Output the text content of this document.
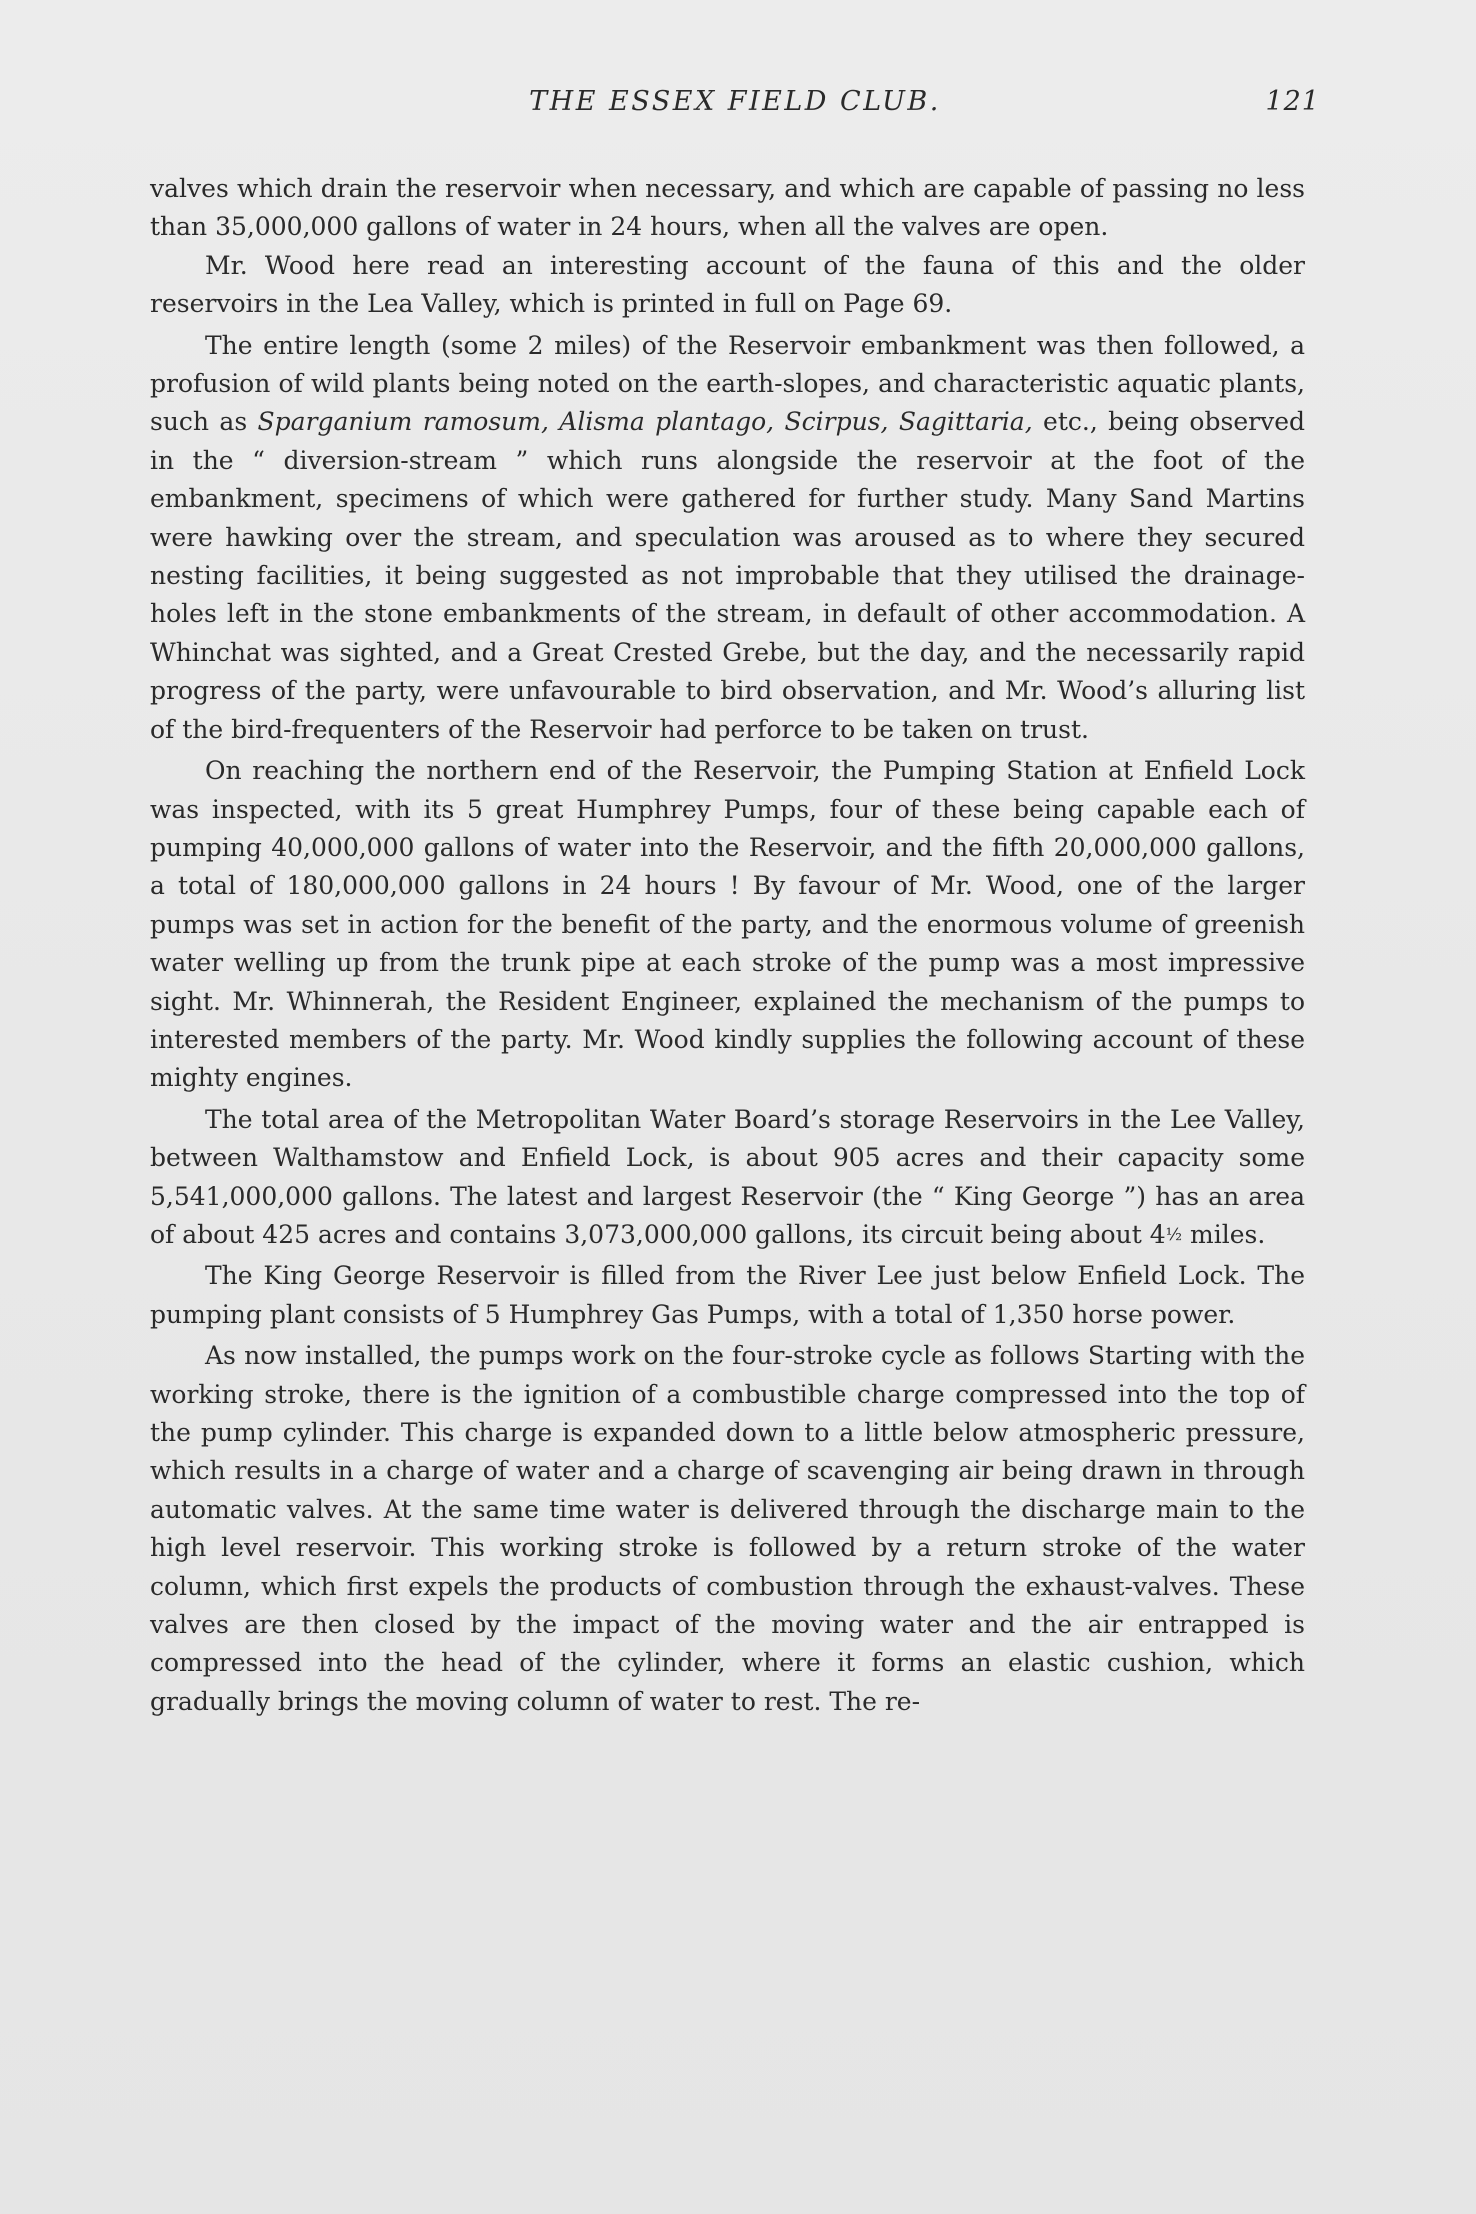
THE ESSEX FIELD CLUB.	121

valves which drain the reservoir when necessary, and which are capable of passing no less than 35,000,000 gallons of water in 24 hours, when all the valves are open.

Mr. Wood here read an interesting account of the fauna of this and the older reservoirs in the Lea Valley, which is printed in full on Page 69.

The entire length (some 2 miles) of the Reservoir embankment was then followed, a profusion of wild plants being noted on the earth-slopes, and characteristic aquatic plants, such as Sparganium ramosum, Alisma plantago, Scirpus, Sagittaria, etc., being observed in the “ diversion-stream ” which runs alongside the reservoir at the foot of the embankment, specimens of which were gathered for further study. Many Sand Martins were hawking over the stream, and speculation was aroused as to where they secured nesting facilities, it being suggested as not improbable that they utilised the drainage-holes left in the stone embankments of the stream, in default of other accommodation. A Whinchat was sighted, and a Great Crested Grebe, but the day, and the necessarily rapid progress of the party, were unfavourable to bird observation, and Mr. Wood’s alluring list of the bird-frequenters of the Reservoir had perforce to be taken on trust.

On reaching the northern end of the Reservoir, the Pumping Station at Enfield Lock was inspected, with its 5 great Humphrey Pumps, four of these being capable each of pumping 40,000,000 gallons of water into the Reservoir, and the fifth 20,000,000 gallons, a total of 180,000,000 gallons in 24 hours ! By favour of Mr. Wood, one of the larger pumps was set in action for the benefit of the party, and the enormous volume of greenish water welling up from the trunk pipe at each stroke of the pump was a most impressive sight. Mr. Whinnerah, the Resident Engineer, explained the mechanism of the pumps to interested members of the party. Mr. Wood kindly supplies the following account of these mighty engines.

The total area of the Metropolitan Water Board’s storage Reservoirs in the Lee Valley, between Walthamstow and Enfield Lock, is about 905 acres and their capacity some 5,541,000,000 gallons. The latest and largest Reservoir (the “ King George ”) has an area of about 425 acres and contains 3,073,000,000 gallons, its circuit being about 4½ miles.

The King George Reservoir is filled from the River Lee just below Enfield Lock. The pumping plant consists of 5 Humphrey Gas Pumps, with a total of 1,350 horse power.

As now installed, the pumps work on the four-stroke cycle as follows Starting with the working stroke, there is the ignition of a combustible charge compressed into the top of the pump cylinder. This charge is expanded down to a little below atmospheric pressure, which results in a charge of water and a charge of scavenging air being drawn in through automatic valves. At the same time water is delivered through the discharge main to the high level reservoir. This working stroke is followed by a return stroke of the water column, which first expels the products of combustion through the exhaust-valves. These valves are then closed by the impact of the moving water and the air entrapped is compressed into the head of the cylinder, where it forms an elastic cushion, which gradually brings the moving column of water to rest. The re-
